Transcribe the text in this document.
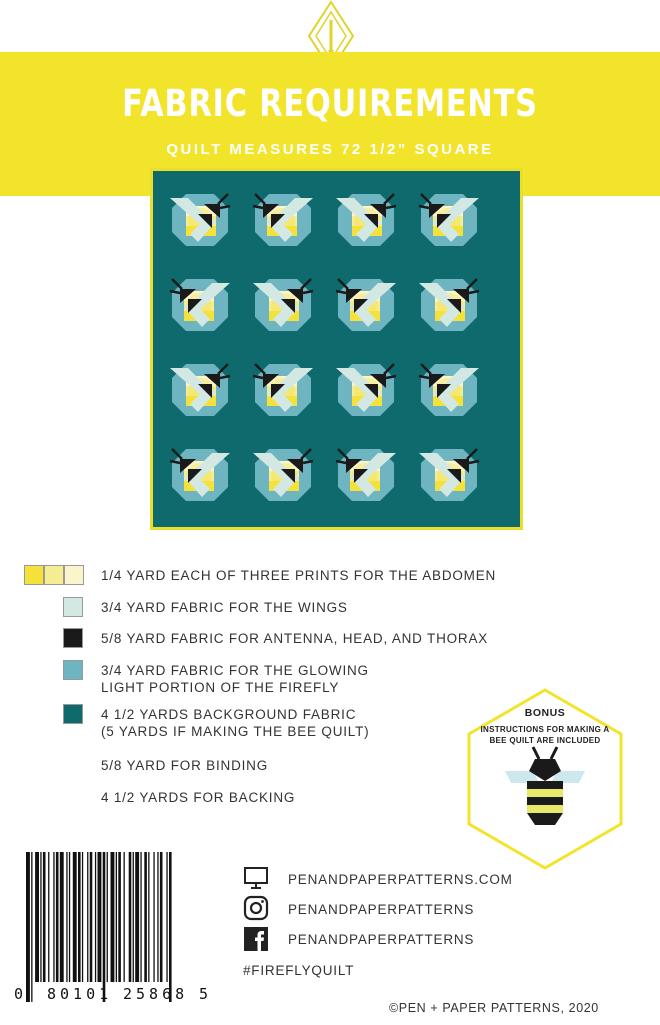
FABRIC REQUIREMENTS
QUILT MEASURES 72 1/2” SQUARE
1/4 YARD EACH OF THREE PRINTS FOR THE ABDOMEN
3/4 YARD FABRIC FOR THE WINGS
5/8 YARD FABRIC FOR ANTENNA, HEAD, AND THORAX
3/4 YARD FABRIC FOR THE GLOWING
LIGHT PORTION OF THE FIREFLY
4 1/2 YARDS BACKGROUND FABRIC
(5 YARDS IF MAKING THE BEE QUILT)
5/8 YARD FOR BINDING
4 1/2 YARDS FOR BACKING
BONUS
INSTRUCTIONS FOR MAKING A BEE QUILT ARE INCLUDED
0 80101 25868 5
PENANDPAPERPATTERNS.COM
PENANDPAPERPATTERNS
PENANDPAPERPATTERNS
#FIREFLYQUILT
©PEN + PAPER PATTERNS, 2020
